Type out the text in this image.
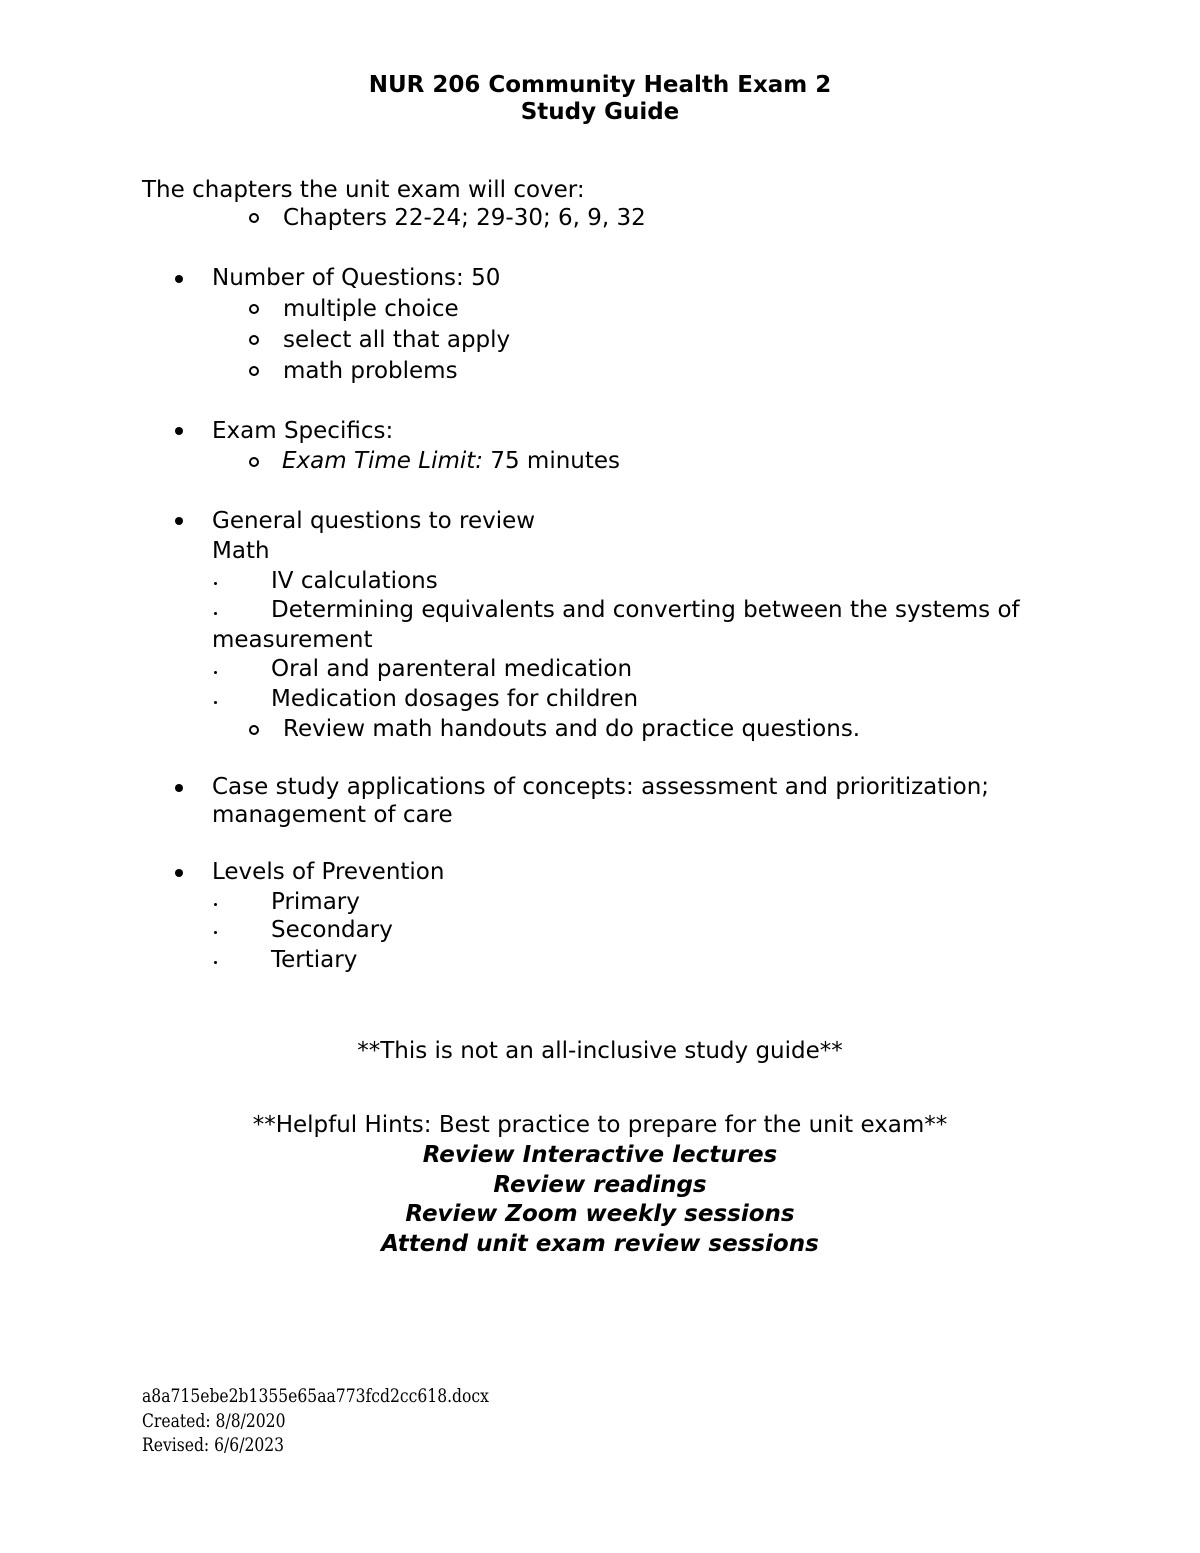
NUR 206 Community Health Exam 2
Study Guide
The chapters the unit exam will cover:
Chapters 22-24; 29-30; 6, 9, 32
Number of Questions: 50
multiple choice
select all that apply
math problems
Exam Specifics:
Exam Time Limit: 75 minutes
General questions to review
Math
IV calculations
Determining equivalents and converting between the systems of
measurement
Oral and parenteral medication
Medication dosages for children
Review math handouts and do practice questions.
Case study applications of concepts: assessment and prioritization;
management of care
Levels of Prevention
Primary
Secondary
Tertiary
**This is not an all-inclusive study guide**
**Helpful Hints: Best practice to prepare for the unit exam**
Review Interactive lectures
Review readings
Review Zoom weekly sessions
Attend unit exam review sessions
a8a715ebe2b1355e65aa773fcd2cc618.docx
Created: 8/8/2020
Revised: 6/6/2023
